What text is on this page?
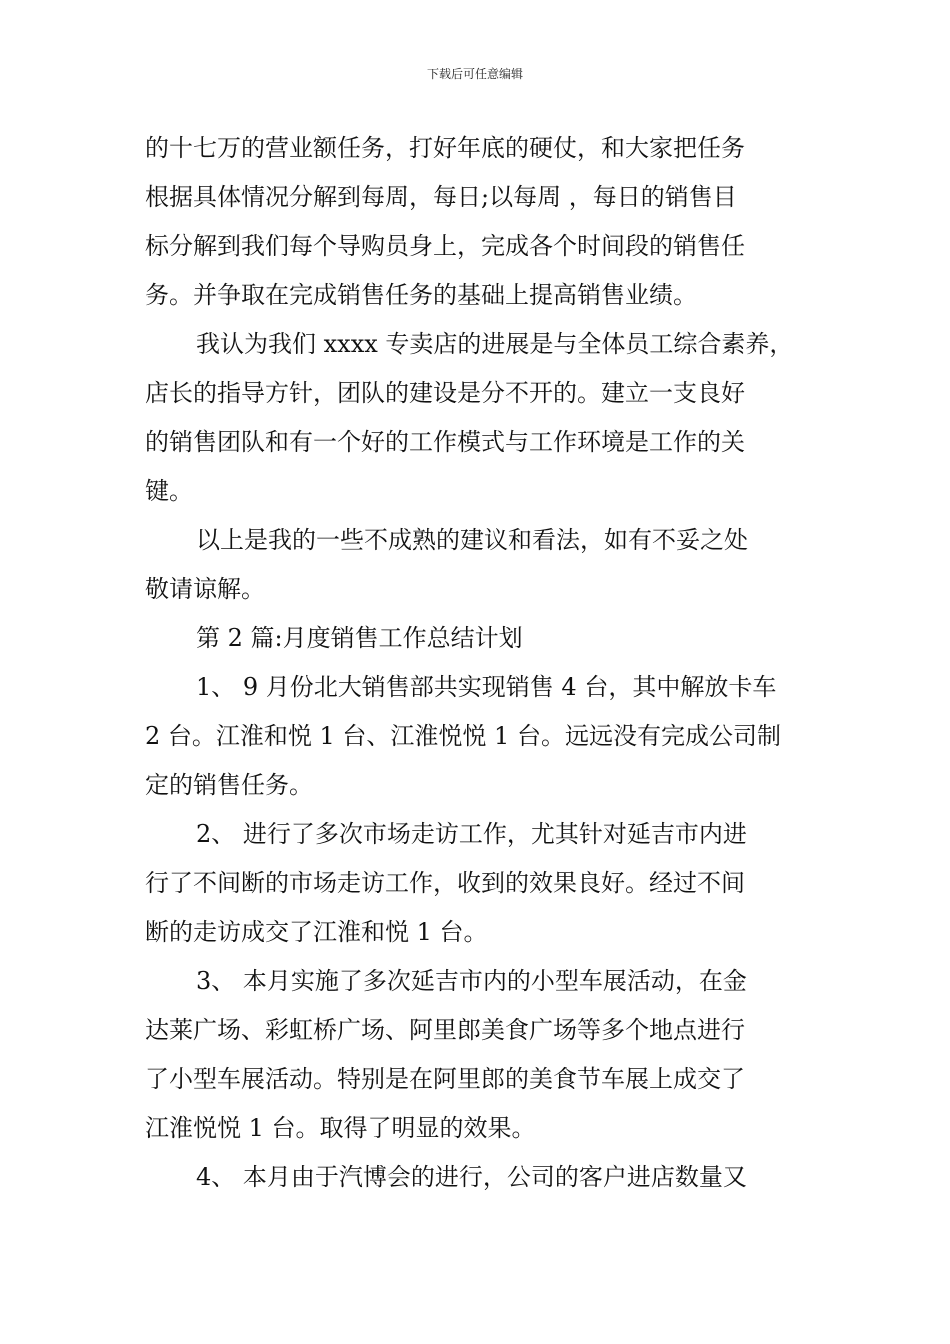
下载后可任意编辑
的十七万的营业额任务，打好年底的硬仗，和大家把任务
根据具体情况分解到每周，每日;以每周 ，每日的销售目
标分解到我们每个导购员身上，完成各个时间段的销售任
务。并争取在完成销售任务的基础上提高销售业绩。
我认为我们 xxxx 专卖店的进展是与全体员工综合素养，
店长的指导方针，团队的建设是分不开的。建立一支良好
的销售团队和有一个好的工作模式与工作环境是工作的关
键。
以上是我的一些不成熟的建议和看法，如有不妥之处
敬请谅解。
第 2 篇:月度销售工作总结计划
1、 9 月份北大销售部共实现销售 4 台，其中解放卡车
2 台。江淮和悦 1 台、江淮悦悦 1 台。远远没有完成公司制
定的销售任务。
2、 进行了多次市场走访工作，尤其针对延吉市内进
行了不间断的市场走访工作，收到的效果良好。经过不间
断的走访成交了江淮和悦 1 台。
3、 本月实施了多次延吉市内的小型车展活动，在金
达莱广场、彩虹桥广场、阿里郎美食广场等多个地点进行
了小型车展活动。特别是在阿里郎的美食节车展上成交了
江淮悦悦 1 台。取得了明显的效果。
4、 本月由于汽博会的进行，公司的客户进店数量又
